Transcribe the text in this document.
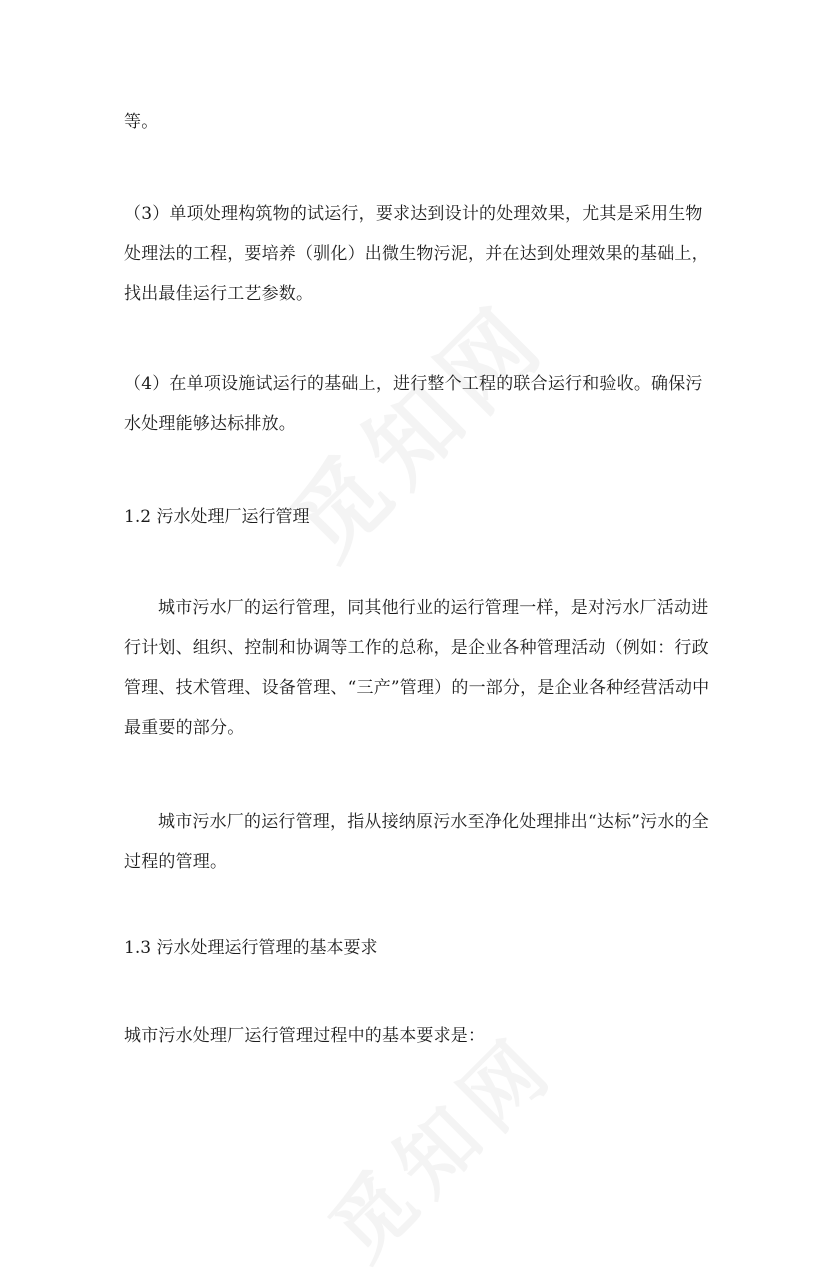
等。

（3）单项处理构筑物的试运行，要求达到设计的处理效果，尤其是采用生物处理法的工程，要培养（驯化）出微生物污泥，并在达到处理效果的基础上，找出最佳运行工艺参数。

（4）在单项设施试运行的基础上，进行整个工程的联合运行和验收。确保污水处理能够达标排放。

1.2 污水处理厂运行管理

城市污水厂的运行管理，同其他行业的运行管理一样，是对污水厂活动进行计划、组织、控制和协调等工作的总称，是企业各种管理活动（例如：行政管理、技术管理、设备管理、“三产”管理）的一部分，是企业各种经营活动中最重要的部分。

城市污水厂的运行管理，指从接纳原污水至净化处理排出“达标”污水的全过程的管理。

1.3 污水处理运行管理的基本要求

城市污水处理厂运行管理过程中的基本要求是：
